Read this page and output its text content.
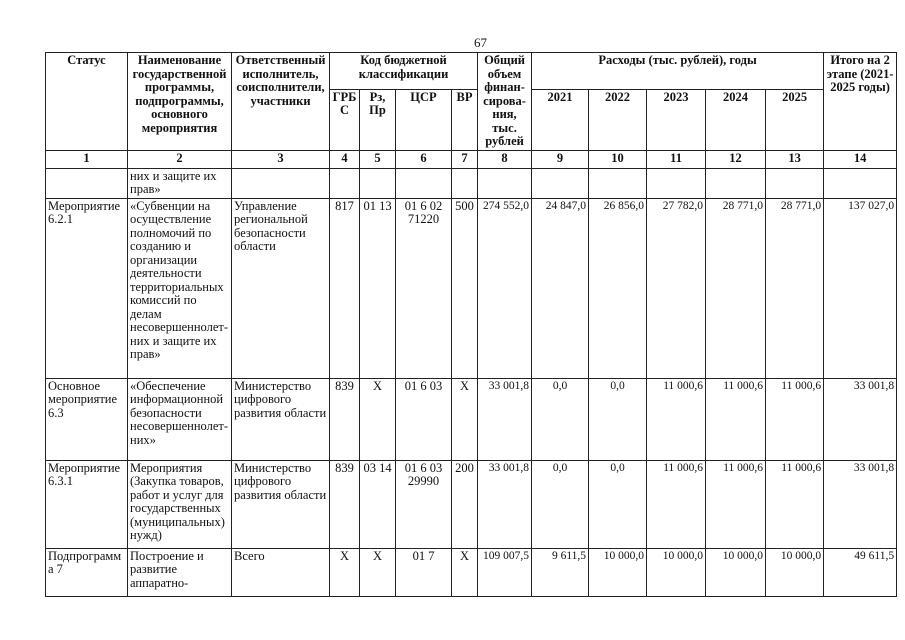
67
Статус	Наименование государственной программы, подпрограммы, основного мероприятия	Ответственный исполнитель, соисполнители, участники	Код бюджетной классификации				Общий объем финан-сирова-ния, тыс. рублей	Расходы (тыс. рублей), годы					Итого на 2 этапе (2021-2025 годы)
			ГРБС	Рз, Пр	ЦСР	ВР		2021	2022	2023	2024	2025	
1	2	3	4	5	6	7	8	9	10	11	12	13	14
	них и защите их прав»												
Мероприятие 6.2.1	«Субвенции на осуществление полномочий по созданию и организации деятельности территориальных комиссий по делам несовершеннолет-них и защите их прав»	Управление региональной безопасности области	817	01 13	01 6 02 71220	500	274 552,0	24 847,0	26 856,0	27 782,0	28 771,0	28 771,0	137 027,0
Основное мероприятие 6.3	«Обеспечение информационной безопасности несовершеннолет-них»	Министерство цифрового развития области	839	Х	01 6 03	Х	33 001,8	0,0	0,0	11 000,6	11 000,6	11 000,6	33 001,8
Мероприятие 6.3.1	Мероприятия (Закупка товаров, работ и услуг для государственных (муниципальных) нужд)	Министерство цифрового развития области	839	03 14	01 6 03 29990	200	33 001,8	0,0	0,0	11 000,6	11 000,6	11 000,6	33 001,8
Подпрограмма 7	Построение и развитие аппаратно-	Всего	Х	Х	01 7	Х	109 007,5	9 611,5	10 000,0	10 000,0	10 000,0	10 000,0	49 611,5
